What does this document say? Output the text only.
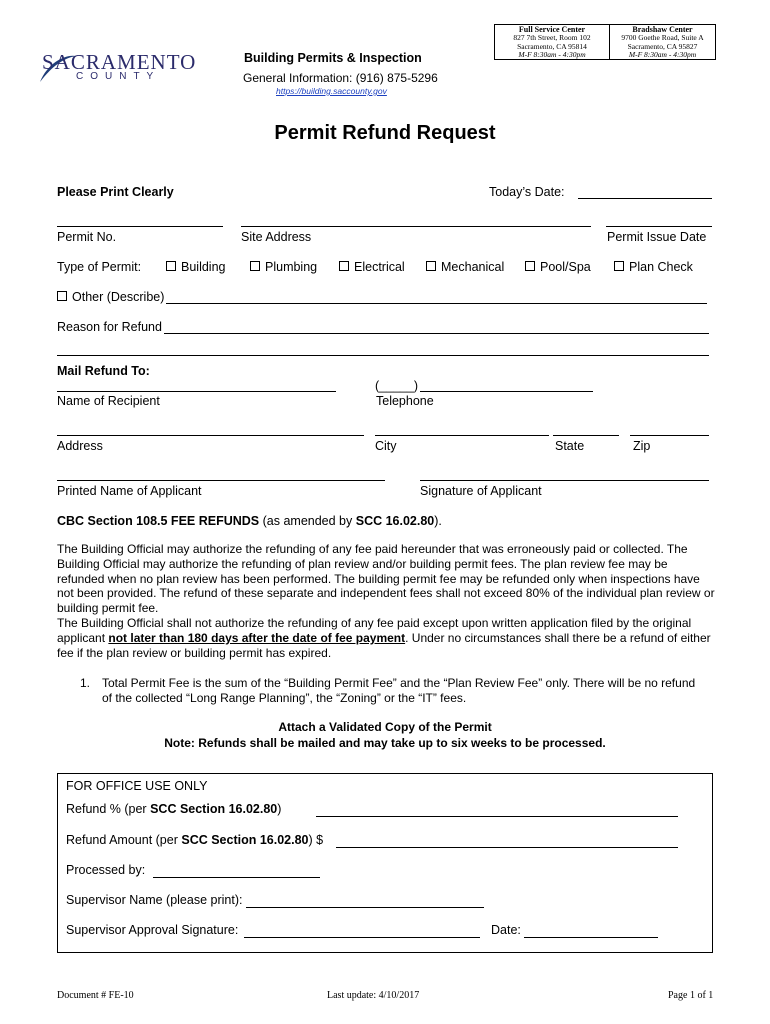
SACRAMENTO
COUNTY
Building Permits & Inspection
General Information: (916) 875-5296
https://building.saccounty.gov
Full Service Center
827 7th Street, Room 102
Sacramento, CA 95814
M-F 8:30am - 4:30pm
Bradshaw Center
9700 Goethe Road, Suite A
Sacramento, CA 95827
M-F 8:30am - 4:30pm
Permit Refund Request
Please Print Clearly	Today’s Date:
Permit No.	Site Address	Permit Issue Date
Type of Permit:	Building	Plumbing	Electrical	Mechanical	Pool/Spa	Plan Check
Other (Describe)
Reason for Refund
Mail Refund To:
(_____)
Name of Recipient	Telephone
Address	City	State	Zip
Printed Name of Applicant	Signature of Applicant
CBC Section 108.5 FEE REFUNDS (as amended by SCC 16.02.80).

The Building Official may authorize the refunding of any fee paid hereunder that was erroneously paid or collected. The Building Official may authorize the refunding of plan review and/or building permit fees. The plan review fee may be refunded when no plan review has been performed. The building permit fee may be refunded only when inspections have not been provided. The refund of these separate and independent fees shall not exceed 80% of the individual plan review or building permit fee.

The Building Official shall not authorize the refunding of any fee paid except upon written application filed by the original applicant not later than 180 days after the date of fee payment. Under no circumstances shall there be a refund of either fee if the plan review or building permit has expired.

1. Total Permit Fee is the sum of the “Building Permit Fee” and the “Plan Review Fee” only. There will be no refund of the collected “Long Range Planning”, the “Zoning” or the “IT” fees.
Attach a Validated Copy of the Permit
Note: Refunds shall be mailed and may take up to six weeks to be processed.
FOR OFFICE USE ONLY
Refund % (per SCC Section 16.02.80)
Refund Amount (per SCC Section 16.02.80) $
Processed by:
Supervisor Name (please print):
Supervisor Approval Signature:	Date:
Document # FE-10	Last update: 4/10/2017	Page 1 of 1
